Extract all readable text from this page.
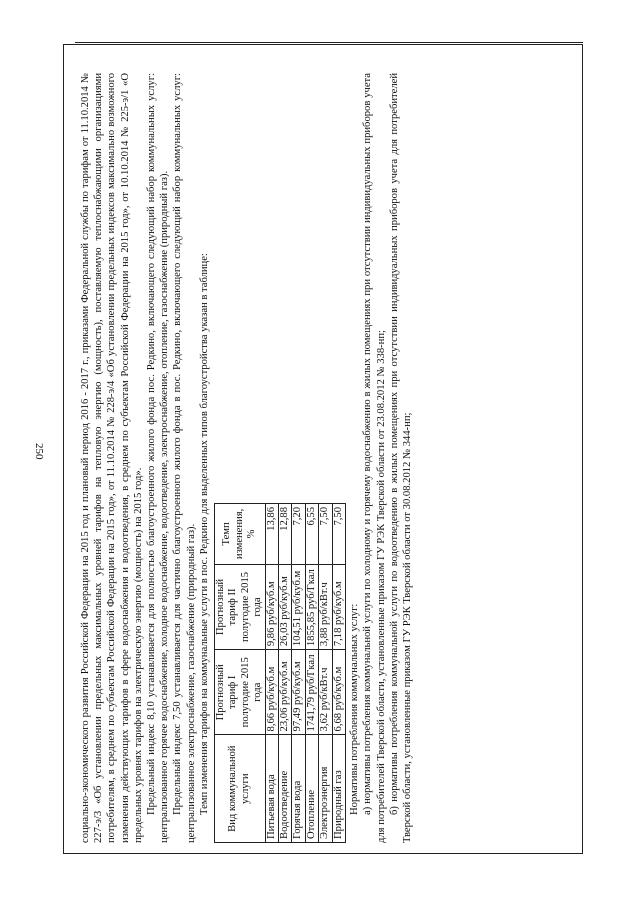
250	социально-экономического развития Российской Федерации на 2015 год и плановый период 2016 - 2017 г., приказами Федеральной службы по тарифам от 11.10.2014 № 227-э/3 «Об установлении предельных максимальных уровней тарифов на тепловую энергию (мощность), поставляемую теплоснабжающими организациями потребителям, в среднем по субъектам Российской Федерации на 2015 год», от 11.10.2014 № 228-э/4 «Об установлении предельных индексов максимально возможного изменения действующих тарифов в сфере водоснабжения и водоотведения, в среднем по субъектам Российской Федерации на 2015 год», от 10.10.2014 № 225-э/1 «О предельных уровнях тарифов на электрическую энергию (мощность) на 2015 год». Предельный индекс 8,10 устанавливается для полностью благоустроенного жилого фонда пос. Редкино, включающего следующий набор коммунальных услуг: централизованное горячее водоснабжение, холодное водоснабжение, водоотведение, электроснабжение, отопление, газоснабжение (природный газ). Предельный индекс 7,50 устанавливается для частично благоустроенного жилого фонда в пос. Редкино, включающего следующий набор коммунальных услуг: централизованное электроснабжение, газоснабжение (природный газ). Темп изменения тарифов на коммунальные услуги в пос. Редкино для выделенных типов благоустройства указан в таблице: Вид коммунальной услуги	Прогнозный тариф I полугодие 2015 года	Прогнозный тариф II полугодие 2015 года	Темп изменения, %
Питьевая вода	8,66 руб/куб.м	9,86 руб/куб.м	13,86
Водоотведение	23,06 руб/куб.м	26,03 руб/куб.м	12,88
Горячая вода	97,49 руб/куб.м	104,51 руб/куб.м	7,20
Отопление	1741,79 руб/Гкал	1855,85 руб/Гкал	6,55
Электроэнергия	3,62 руб/кВт.ч	3,88 руб/кВт.ч	7,50
Природный газ	6,68 руб/куб.м	7,18 руб/куб.м	7,50

Нормативы потребления коммунальных услуг: а) нормативы потребления коммунальной услуги по холодному и горячему водоснабжению в жилых помещениях при отсутствии индивидуальных приборов учета для потребителей Тверской области, установленные приказом ГУ РЭК Тверской области от 23.08.2012 № 338-нп; б) нормативы потребления коммунальной услуги по водоотведению в жилых помещениях при отсутствии индивидуальных приборов учета для потребителей Тверской области, установленные приказом ГУ РЭК Тверской области от 30.08.2012 № 344-нп;
